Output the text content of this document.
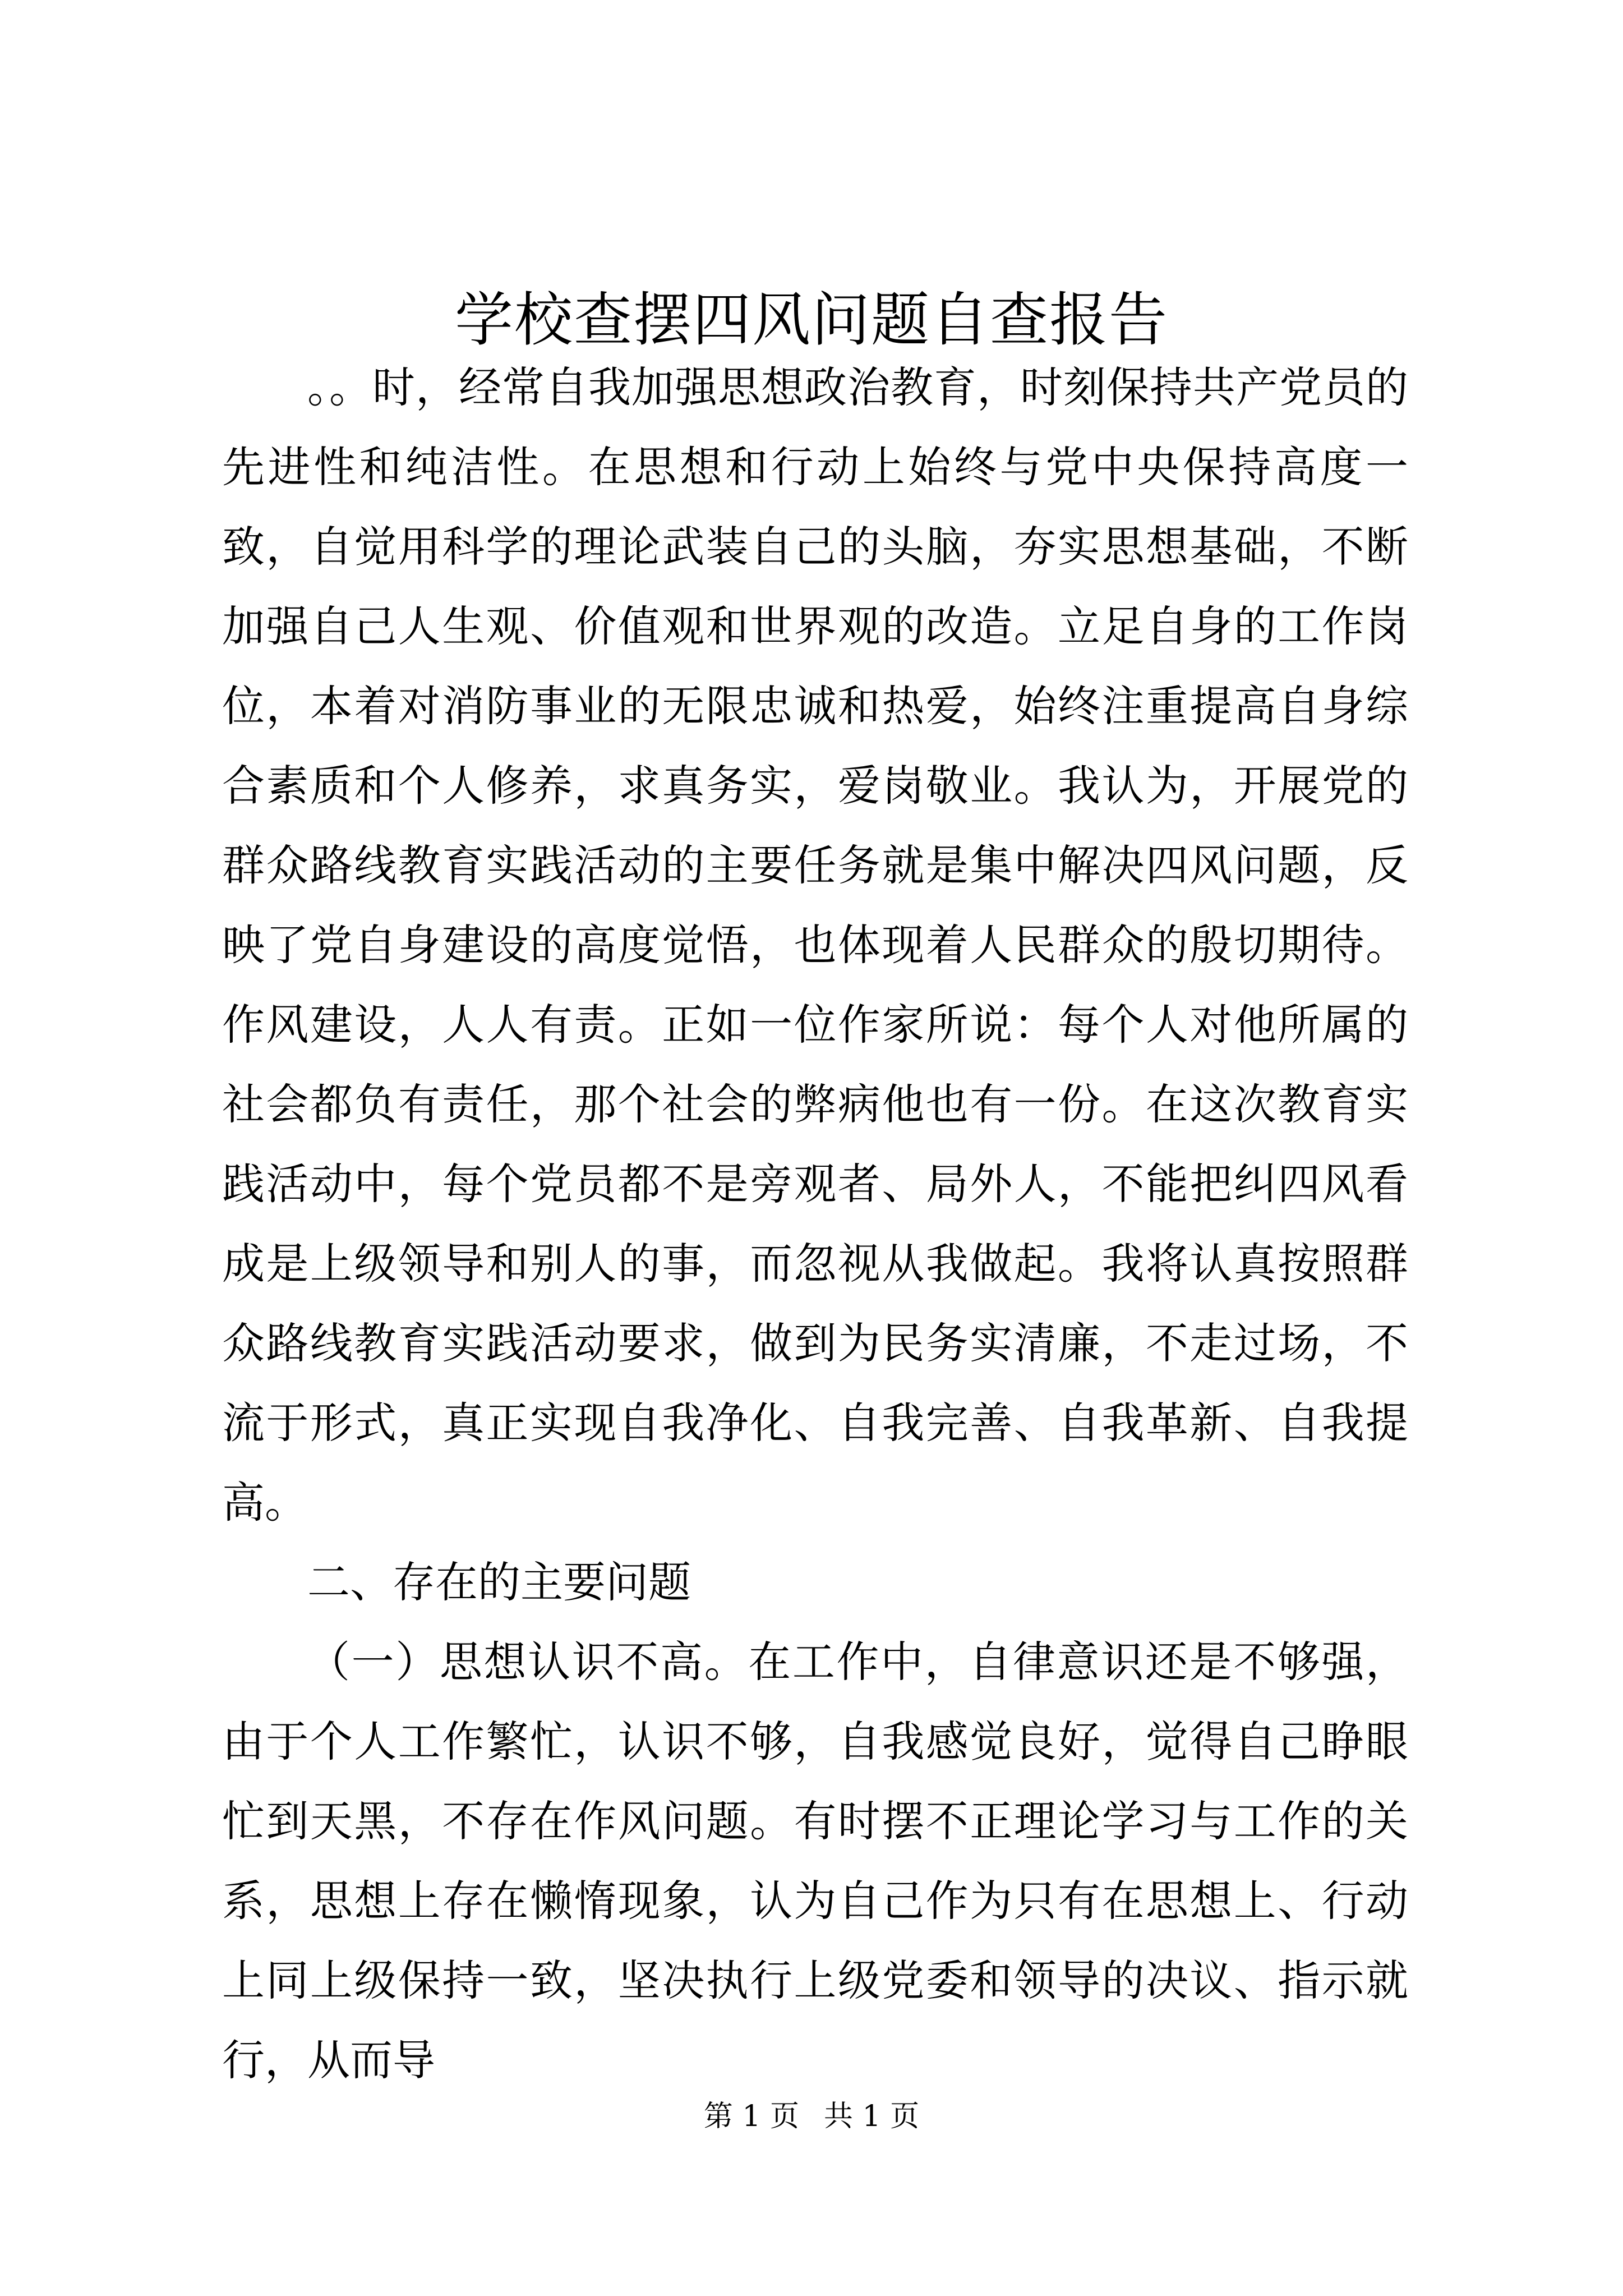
学校查摆四风问题自查报告

。。时，经常自我加强思想政治教育，时刻保持共产党员的先进性和纯洁性。在思想和行动上始终与党中央保持高度一致，自觉用科学的理论武装自己的头脑，夯实思想基础，不断加强自己人生观、价值观和世界观的改造。立足自身的工作岗位，本着对消防事业的无限忠诚和热爱，始终注重提高自身综合素质和个人修养，求真务实，爱岗敬业。我认为，开展党的群众路线教育实践活动的主要任务就是集中解决四风问题，反映了党自身建设的高度觉悟，也体现着人民群众的殷切期待。作风建设，人人有责。正如一位作家所说：每个人对他所属的社会都负有责任，那个社会的弊病他也有一份。在这次教育实践活动中，每个党员都不是旁观者、局外人，不能把纠四风看成是上级领导和别人的事，而忽视从我做起。我将认真按照群众路线教育实践活动要求，做到为民务实清廉，不走过场，不流于形式，真正实现自我净化、自我完善、自我革新、自我提高。

二、存在的主要问题

（一）思想认识不高。在工作中，自律意识还是不够强，由于个人工作繁忙，认识不够，自我感觉良好，觉得自己睁眼忙到天黑，不存在作风问题。有时摆不正理论学习与工作的关系，思想上存在懒惰现象，认为自己作为只有在思想上、行动上同上级保持一致，坚决执行上级党委和领导的决议、指示就行，从而导

第 1 页 共 1 页
